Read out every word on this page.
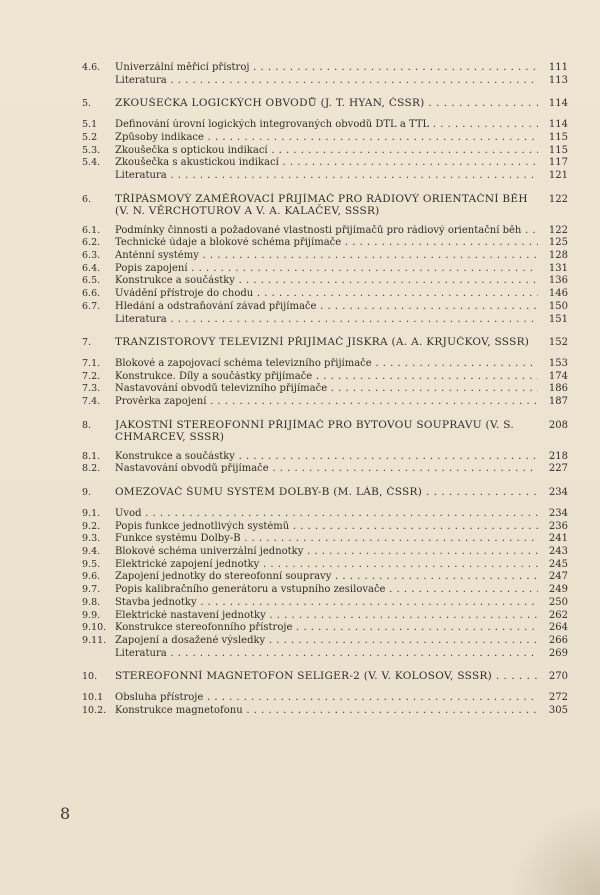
4.6.	Univerzální měřicí přístroj . . .	111
Literatura . . .	113
5.	ZKOUŠEČKA LOGICKÝCH OBVODŮ (J. T. HYAN, ČSSR) . . .	114
5.1	Definování úrovní logických integrovaných obvodů DTL a TTL . . .	114
5.2	Způsoby indikace . . .	115
5.3.	Zkoušečka s optickou indikací . . .	115
5.4.	Zkoušečka s akustickou indikací . . .	117
Literatura . . .	121
6.	TŘÍPÁSMOVÝ ZAMĚŘOVACÍ PŘIJÍMAČ PRO RÁDIOVÝ ORIENTAČNÍ BĚH (V. N. VĚRCHOTUROV A V. A. KALAČEV, SSSR)
122
6.1.	Podmínky činnosti a požadované vlastnosti přijímačů pro rádiový orientační běh . . .	122
6.2.	Technické údaje a blokové schéma přijímače . . .	125
6.3.	Anténní systémy . . .	128
6.4.	Popis zapojení . . .	131
6.5.	Konstrukce a součástky . . .	136
6.6.	Uvádění přístroje do chodu . . .	146
6.7.	Hledání a odstraňování závad přijímače . . .	150
Literatura . . .	151
7.	TRANZISTOROVÝ TELEVIZNÍ PŘIJÍMAČ JISKRA (A. A. KRJUČKOV, SSSR)	152
7.1.	Blokové a zapojovací schéma televizního přijímače . . .	153
7.2.	Konstrukce. Díly a součástky přijímače . . .	174
7.3.	Nastavování obvodů televizního přijímače . . .	186
7.4.	Prověrka zapojení . . .	187
8.	JAKOSTNÍ STEREOFONNÍ PŘIJÍMAČ PRO BYTOVOU SOUPRAVU (V. S. CHMARCEV, SSSR)
208
8.1.	Konstrukce a součástky . . .	218
8.2.	Nastavování obvodů přijímače . . .	227
9.	OMEZOVAČ ŠUMU SYSTÉM DOLBY-B (M. LÁB, ČSSR) . . .	234
9.1.	Úvod . . .	234
9.2.	Popis funkce jednotlivých systémů . . .	236
9.3.	Funkce systému Dolby-B . . .	241
9.4.	Blokové schéma univerzální jednotky . . .	243
9.5.	Elektrické zapojení jednotky . . .	245
9.6.	Zapojení jednotky do stereofonní soupravy . . .	247
9.7.	Popis kalibračního generátoru a vstupního zesilovače . . .	249
9.8.	Stavba jednotky . . .	250
9.9.	Elektrické nastavení jednotky . . .	262
9.10. Konstrukce stereofonního přístroje . . .	264
9.11. Zapojení a dosažené výsledky . . .	266
Literatura . . .	269
10.	STEREOFONNÍ MAGNETOFON SELIGER-2 (V. V. KOLOSOV, SSSR) . . .	270
10.1	Obsluha přístroje . . .	272
10.2. Konstrukce magnetofonu . . .	305
8
